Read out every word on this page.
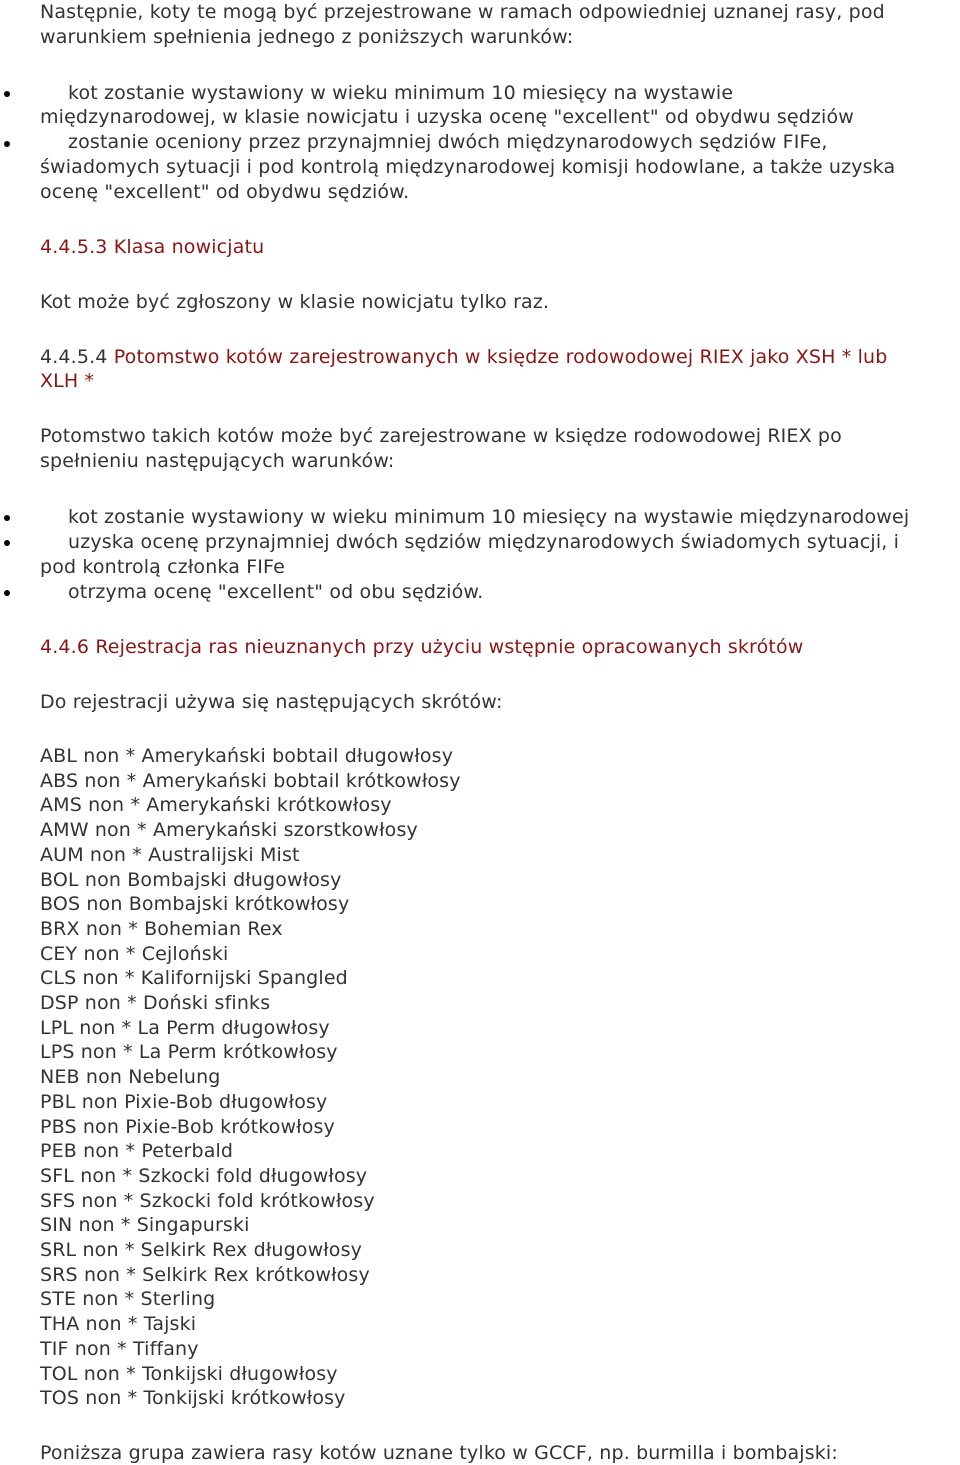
Następnie, koty te mogą być przejestrowane w ramach odpowiedniej uznanej rasy, pod
warunkiem spełnienia jednego z poniższych warunków:
kot zostanie wystawiony w wieku minimum 10 miesięcy na wystawie
międzynarodowej, w klasie nowicjatu i uzyska ocenę "excellent" od obydwu sędziów
zostanie oceniony przez przynajmniej dwóch międzynarodowych sędziów FIFe,
świadomych sytuacji i pod kontrolą międzynarodowej komisji hodowlane, a także uzyska
ocenę "excellent" od obydwu sędziów.
4.4.5.3 Klasa nowicjatu
Kot może być zgłoszony w klasie nowicjatu tylko raz.
4.4.5.4 Potomstwo kotów zarejestrowanych w księdze rodowodowej RIEX jako XSH * lub
XLH *
Potomstwo takich kotów może być zarejestrowane w księdze rodowodowej RIEX po
spełnieniu następujących warunków:
kot zostanie wystawiony w wieku minimum 10 miesięcy na wystawie międzynarodowej
uzyska ocenę przynajmniej dwóch sędziów międzynarodowych świadomych sytuacji, i
pod kontrolą członka FIFe
otrzyma ocenę "excellent" od obu sędziów.
4.4.6 Rejestracja ras nieuznanych przy użyciu wstępnie opracowanych skrótów
Do rejestracji używa się następujących skrótów:
ABL non * Amerykański bobtail długowłosy
ABS non * Amerykański bobtail krótkowłosy
AMS non * Amerykański krótkowłosy
AMW non * Amerykański szorstkowłosy
AUM non * Australijski Mist
BOL non Bombajski długowłosy
BOS non Bombajski krótkowłosy
BRX non * Bohemian Rex
CEY non * Cejloński
CLS non * Kalifornijski Spangled
DSP non * Doński sfinks
LPL non * La Perm długowłosy
LPS non * La Perm krótkowłosy
NEB non Nebelung
PBL non Pixie-Bob długowłosy
PBS non Pixie-Bob krótkowłosy
PEB non * Peterbald
SFL non * Szkocki fold długowłosy
SFS non * Szkocki fold krótkowłosy
SIN non * Singapurski
SRL non * Selkirk Rex długowłosy
SRS non * Selkirk Rex krótkowłosy
STE non * Sterling
THA non * Tajski
TIF non * Tiffany
TOL non * Tonkijski długowłosy
TOS non * Tonkijski krótkowłosy
Poniższa grupa zawiera rasy kotów uznane tylko w GCCF, np. burmilla i bombajski:
